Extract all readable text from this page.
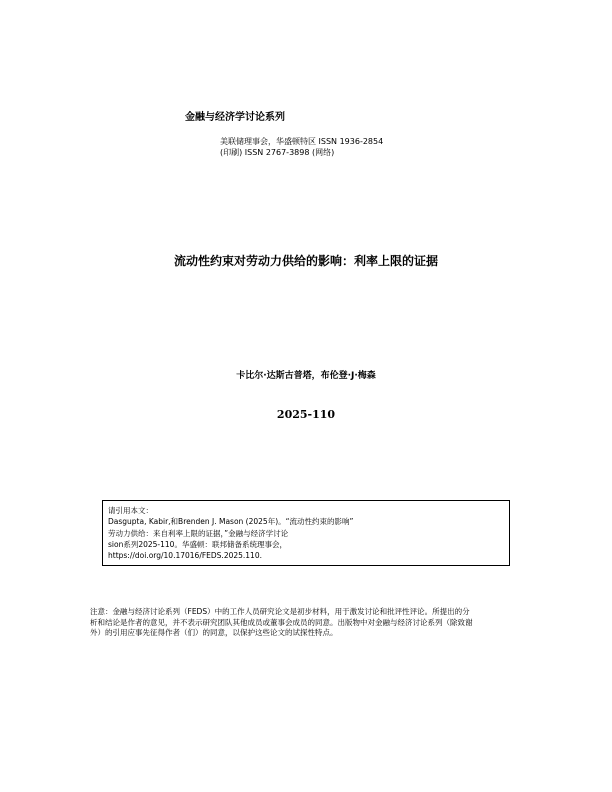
金融与经济学讨论系列
美联储理事会，华盛顿特区 ISSN 1936-2854
(印刷) ISSN 2767-3898 (网络)
流动性约束对劳动力供给的影响：利率上限的证据
卡比尔·达斯古普塔，布伦登·J·梅森
2025-110
请引用本文：
Dasgupta, Kabir,和Brenden J. Mason (2025年)。“流动性约束的影响”
劳动力供给：来自利率上限的证据，”金融与经济学讨论
sion系列2025-110。华盛顿：联邦储备系统理事会，
https://doi.org/10.17016/FEDS.2025.110.
注意：金融与经济讨论系列（FEDS）中的工作人员研究论文是初步材料，用于激发讨论和批评性评论。所提出的分
析和结论是作者的意见，并不表示研究团队其他成员或董事会成员的同意。出版物中对金融与经济讨论系列（除致谢
外）的引用应事先征得作者（们）的同意，以保护这些论文的试探性特点。
